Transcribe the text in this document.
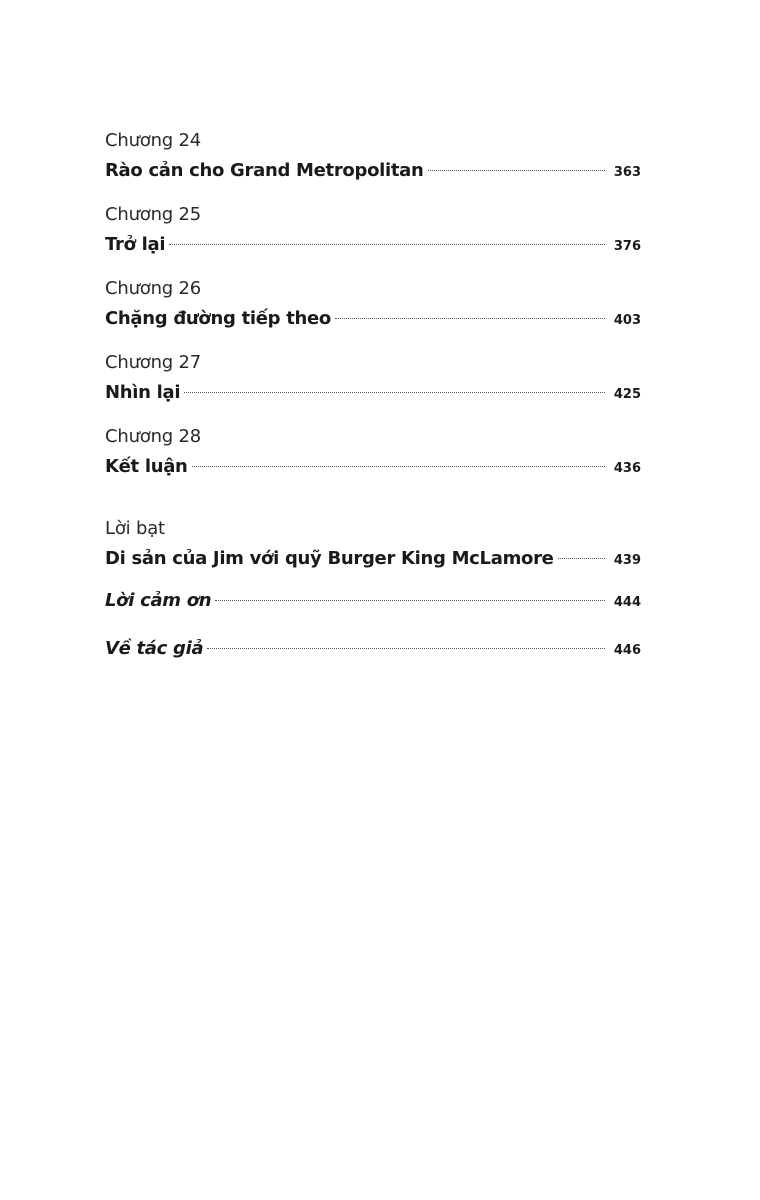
Chương 24
Rào cản cho Grand Metropolitan	363
Chương 25
Trở lại	376
Chương 26
Chặng đường tiếp theo	403
Chương 27
Nhìn lại	425
Chương 28
Kết luận	436
Lời bạt
Di sản của Jim với quỹ Burger King McLamore	439
Lời cảm ơn	444
Về tác giả	446
